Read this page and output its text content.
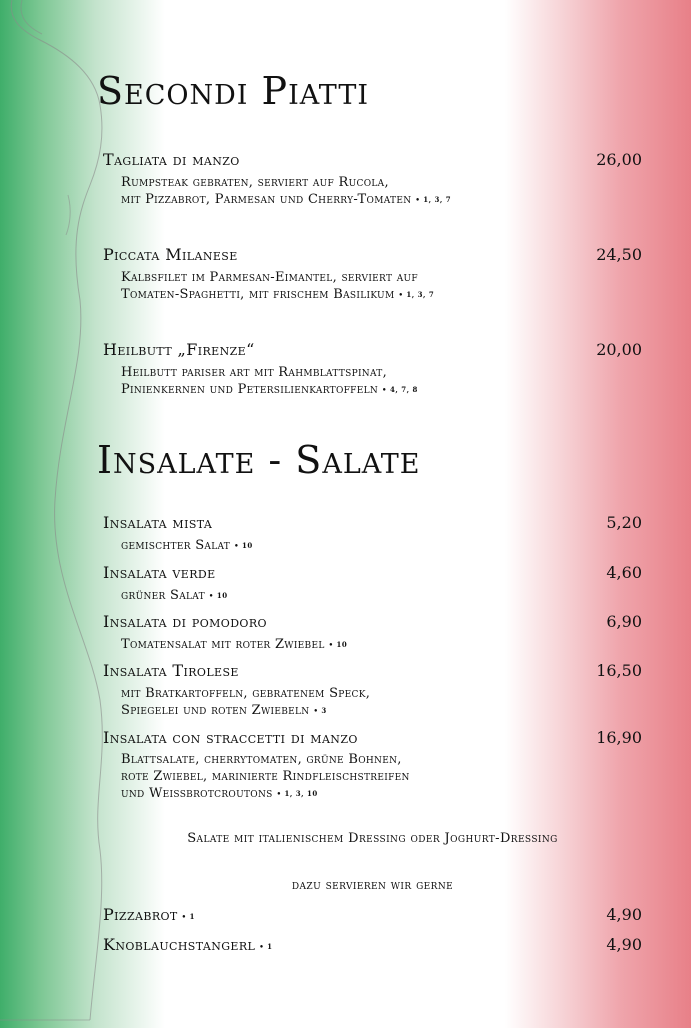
Secondi Piatti
Tagliata di manzo	26,00
Rumpsteak gebraten, serviert auf Rucola,
mit Pizzabrot, Parmesan und Cherry-Tomaten • 1, 3, 7
Piccata Milanese	24,50
Kalbsfilet im Parmesan-Eimantel, serviert auf
Tomaten-Spaghetti, mit frischem Basilikum • 1, 3, 7
Heilbutt „Firenze“	20,00
Heilbutt pariser art mit Rahmblattspinat,
Pinienkernen und Petersilienkartoffeln • 4, 7, 8
Insalate - Salate
Insalata mista	5,20
gemischter Salat • 10
Insalata verde	4,60
grüner Salat • 10
Insalata di pomodoro	6,90
Tomatensalat mit roter Zwiebel • 10
Insalata Tirolese	16,50
mit Bratkartoffeln, gebratenem Speck,
Spiegelei und roten Zwiebeln • 3
Insalata con straccetti di manzo	16,90
Blattsalate, cherrytomaten, grüne Bohnen,
rote Zwiebel, marinierte Rindfleischstreifen
und Weissbrotcroutons • 1, 3, 10
Salate mit italienischem Dressing oder Joghurt-Dressing
dazu servieren wir gerne
Pizzabrot • 1	4,90
Knoblauchstangerl • 1	4,90
